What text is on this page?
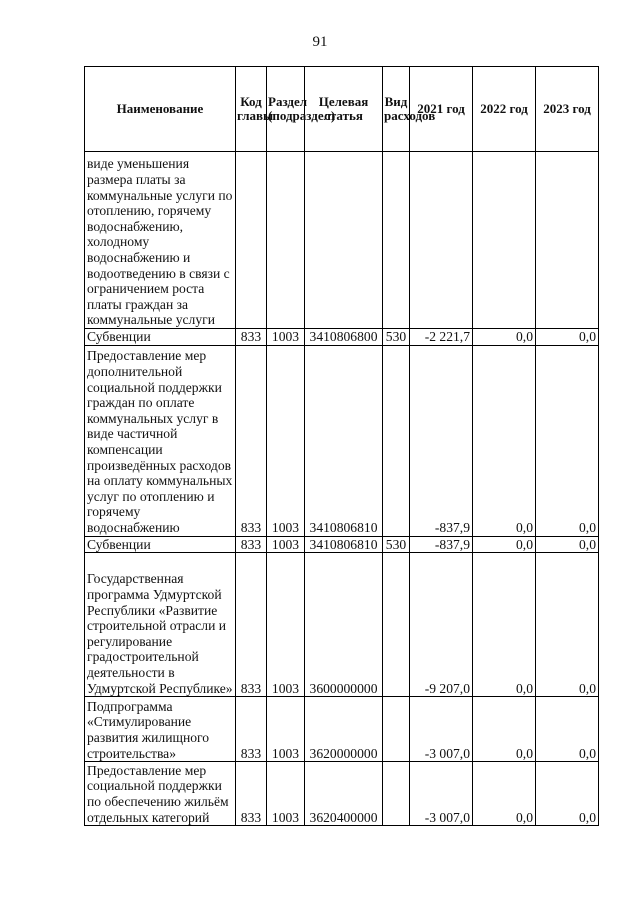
91
Наименование	Код главы	Раздел (подраздел)	Целевая статья	Вид расходов	2021 год	2022 год	2023 год
виде уменьшения размера платы за коммунальные услуги по отоплению, горячему водоснабжению, холодному водоснабжению и водоотведению в связи с ограничением роста платы граждан за коммунальные услуги							
Субвенции	833	1003	3410806800	530	-2 221,7	0,0	0,0
Предоставление мер дополнительной социальной поддержки граждан по оплате коммунальных услуг в виде частичной компенсации произведённых расходов на оплату коммунальных услуг по отоплению и горячему водоснабжению	833	1003	3410806810		-837,9	0,0	0,0
Субвенции	833	1003	3410806810	530	-837,9	0,0	0,0
Государственная программа Удмуртской Республики «Развитие строительной отрасли и регулирование градостроительной деятельности в Удмуртской Республике»	833	1003	3600000000		-9 207,0	0,0	0,0
Подпрограмма «Стимулирование развития жилищного строительства»	833	1003	3620000000		-3 007,0	0,0	0,0
Предоставление мер социальной поддержки по обеспечению жильём отдельных категорий	833	1003	3620400000		-3 007,0	0,0	0,0
